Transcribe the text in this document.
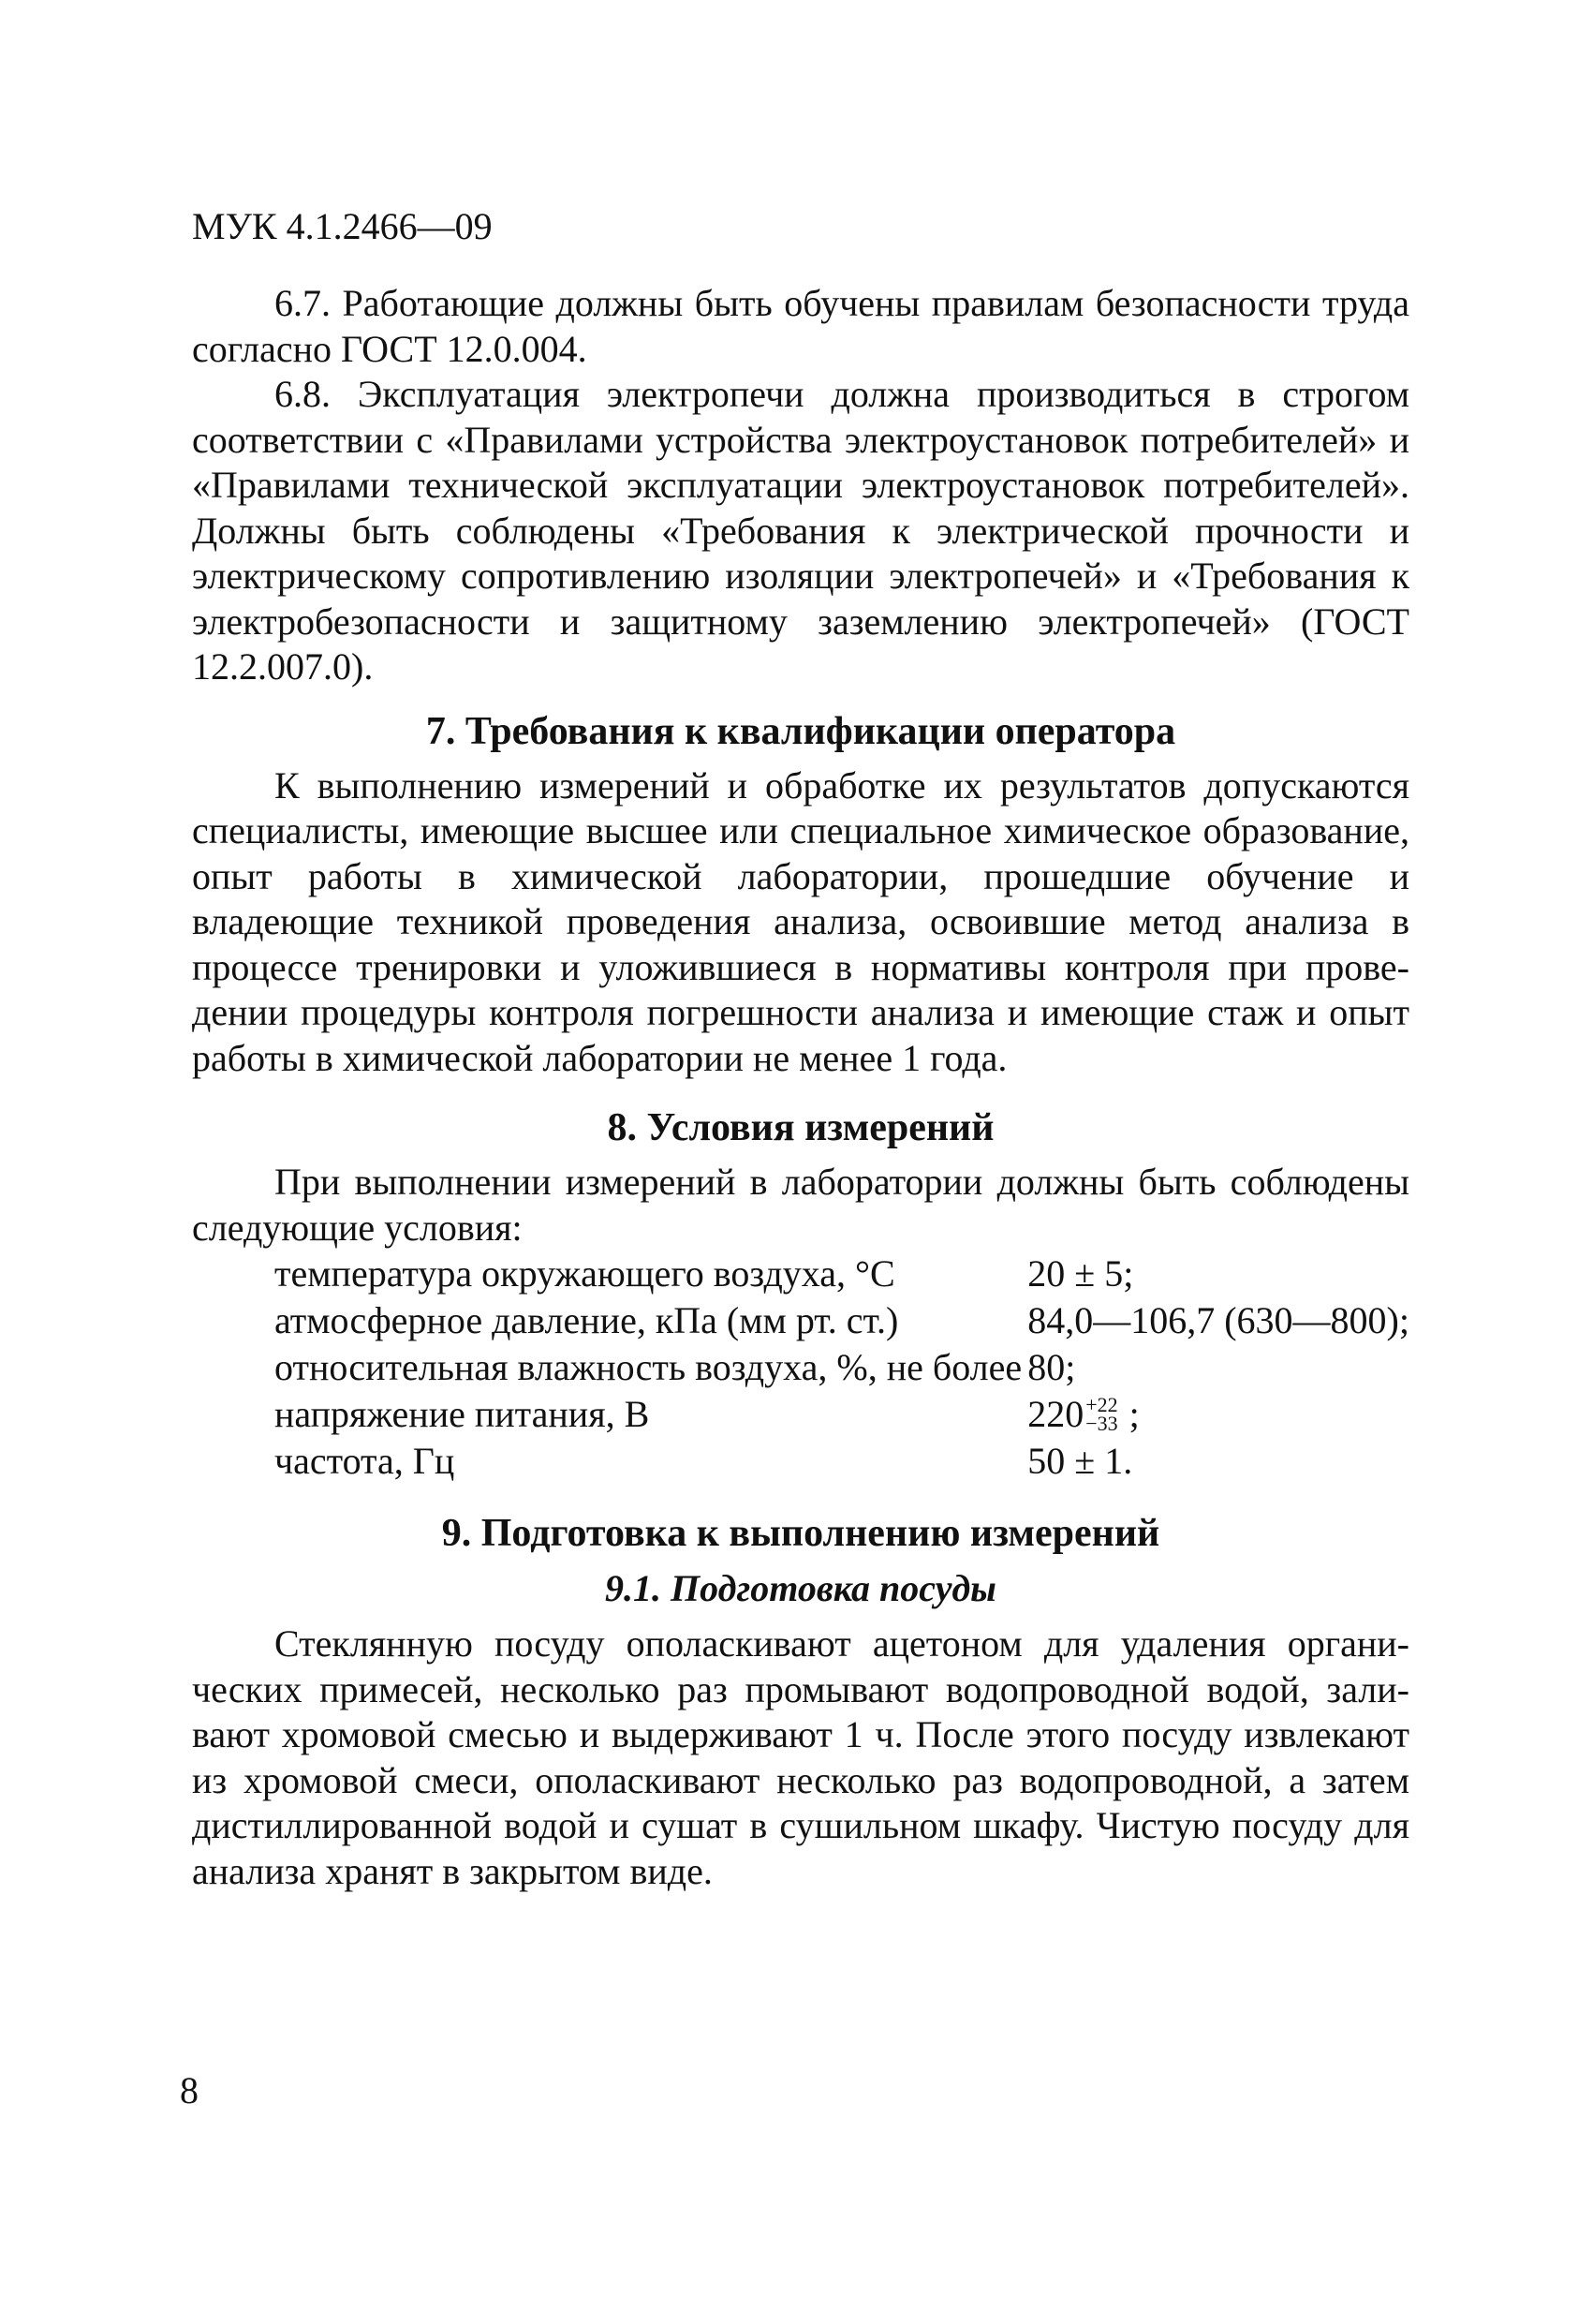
МУК 4.1.2466—09

6.7. Работающие должны быть обучены правилам безопасности труда согласно ГОСТ 12.0.004.

6.8. Эксплуатация электропечи должна производиться в строгом соответствии с «Правилами устройства электроустановок потребителей» и «Правилами технической эксплуатации электроустановок потребителей». Должны быть соблюдены «Требования к электрической прочности и электрическому сопротивлению изоляции электропечей» и «Требования к электробезопасности и защитному заземлению электропечей» (ГОСТ 12.2.007.0).

7. Требования к квалификации оператора

К выполнению измерений и обработке их результатов допускаются специалисты, имеющие высшее или специальное химическое образование, опыт работы в химической лаборатории, прошедшие обучение и владеющие техникой проведения анализа, освоившие метод анализа в процессе тренировки и уложившиеся в нормативы контроля при проведении процедуры контроля погрешности анализа и имеющие стаж и опыт работы в химической лаборатории не менее 1 года.

8. Условия измерений

При выполнении измерений в лаборатории должны быть соблюдены следующие условия:

температура окружающего воздуха, °С	20 ± 5;
атмосферное давление, кПа (мм рт. ст.)	84,0—106,7 (630—800);
относительная влажность воздуха, %, не более	80;
напряжение питания, В	220 +22
−33 ;
частота, Гц	50 ± 1.
9. Подготовка к выполнению измерений
9.1. Подготовка посуды

Стеклянную посуду ополаскивают ацетоном для удаления органических примесей, несколько раз промывают водопроводной водой, заливают хромовой смесью и выдерживают 1 ч. После этого посуду извлекают из хромовой смеси, ополаскивают несколько раз водопроводной, а затем дистиллированной водой и сушат в сушильном шкафу. Чистую посуду для анализа хранят в закрытом виде.

8
